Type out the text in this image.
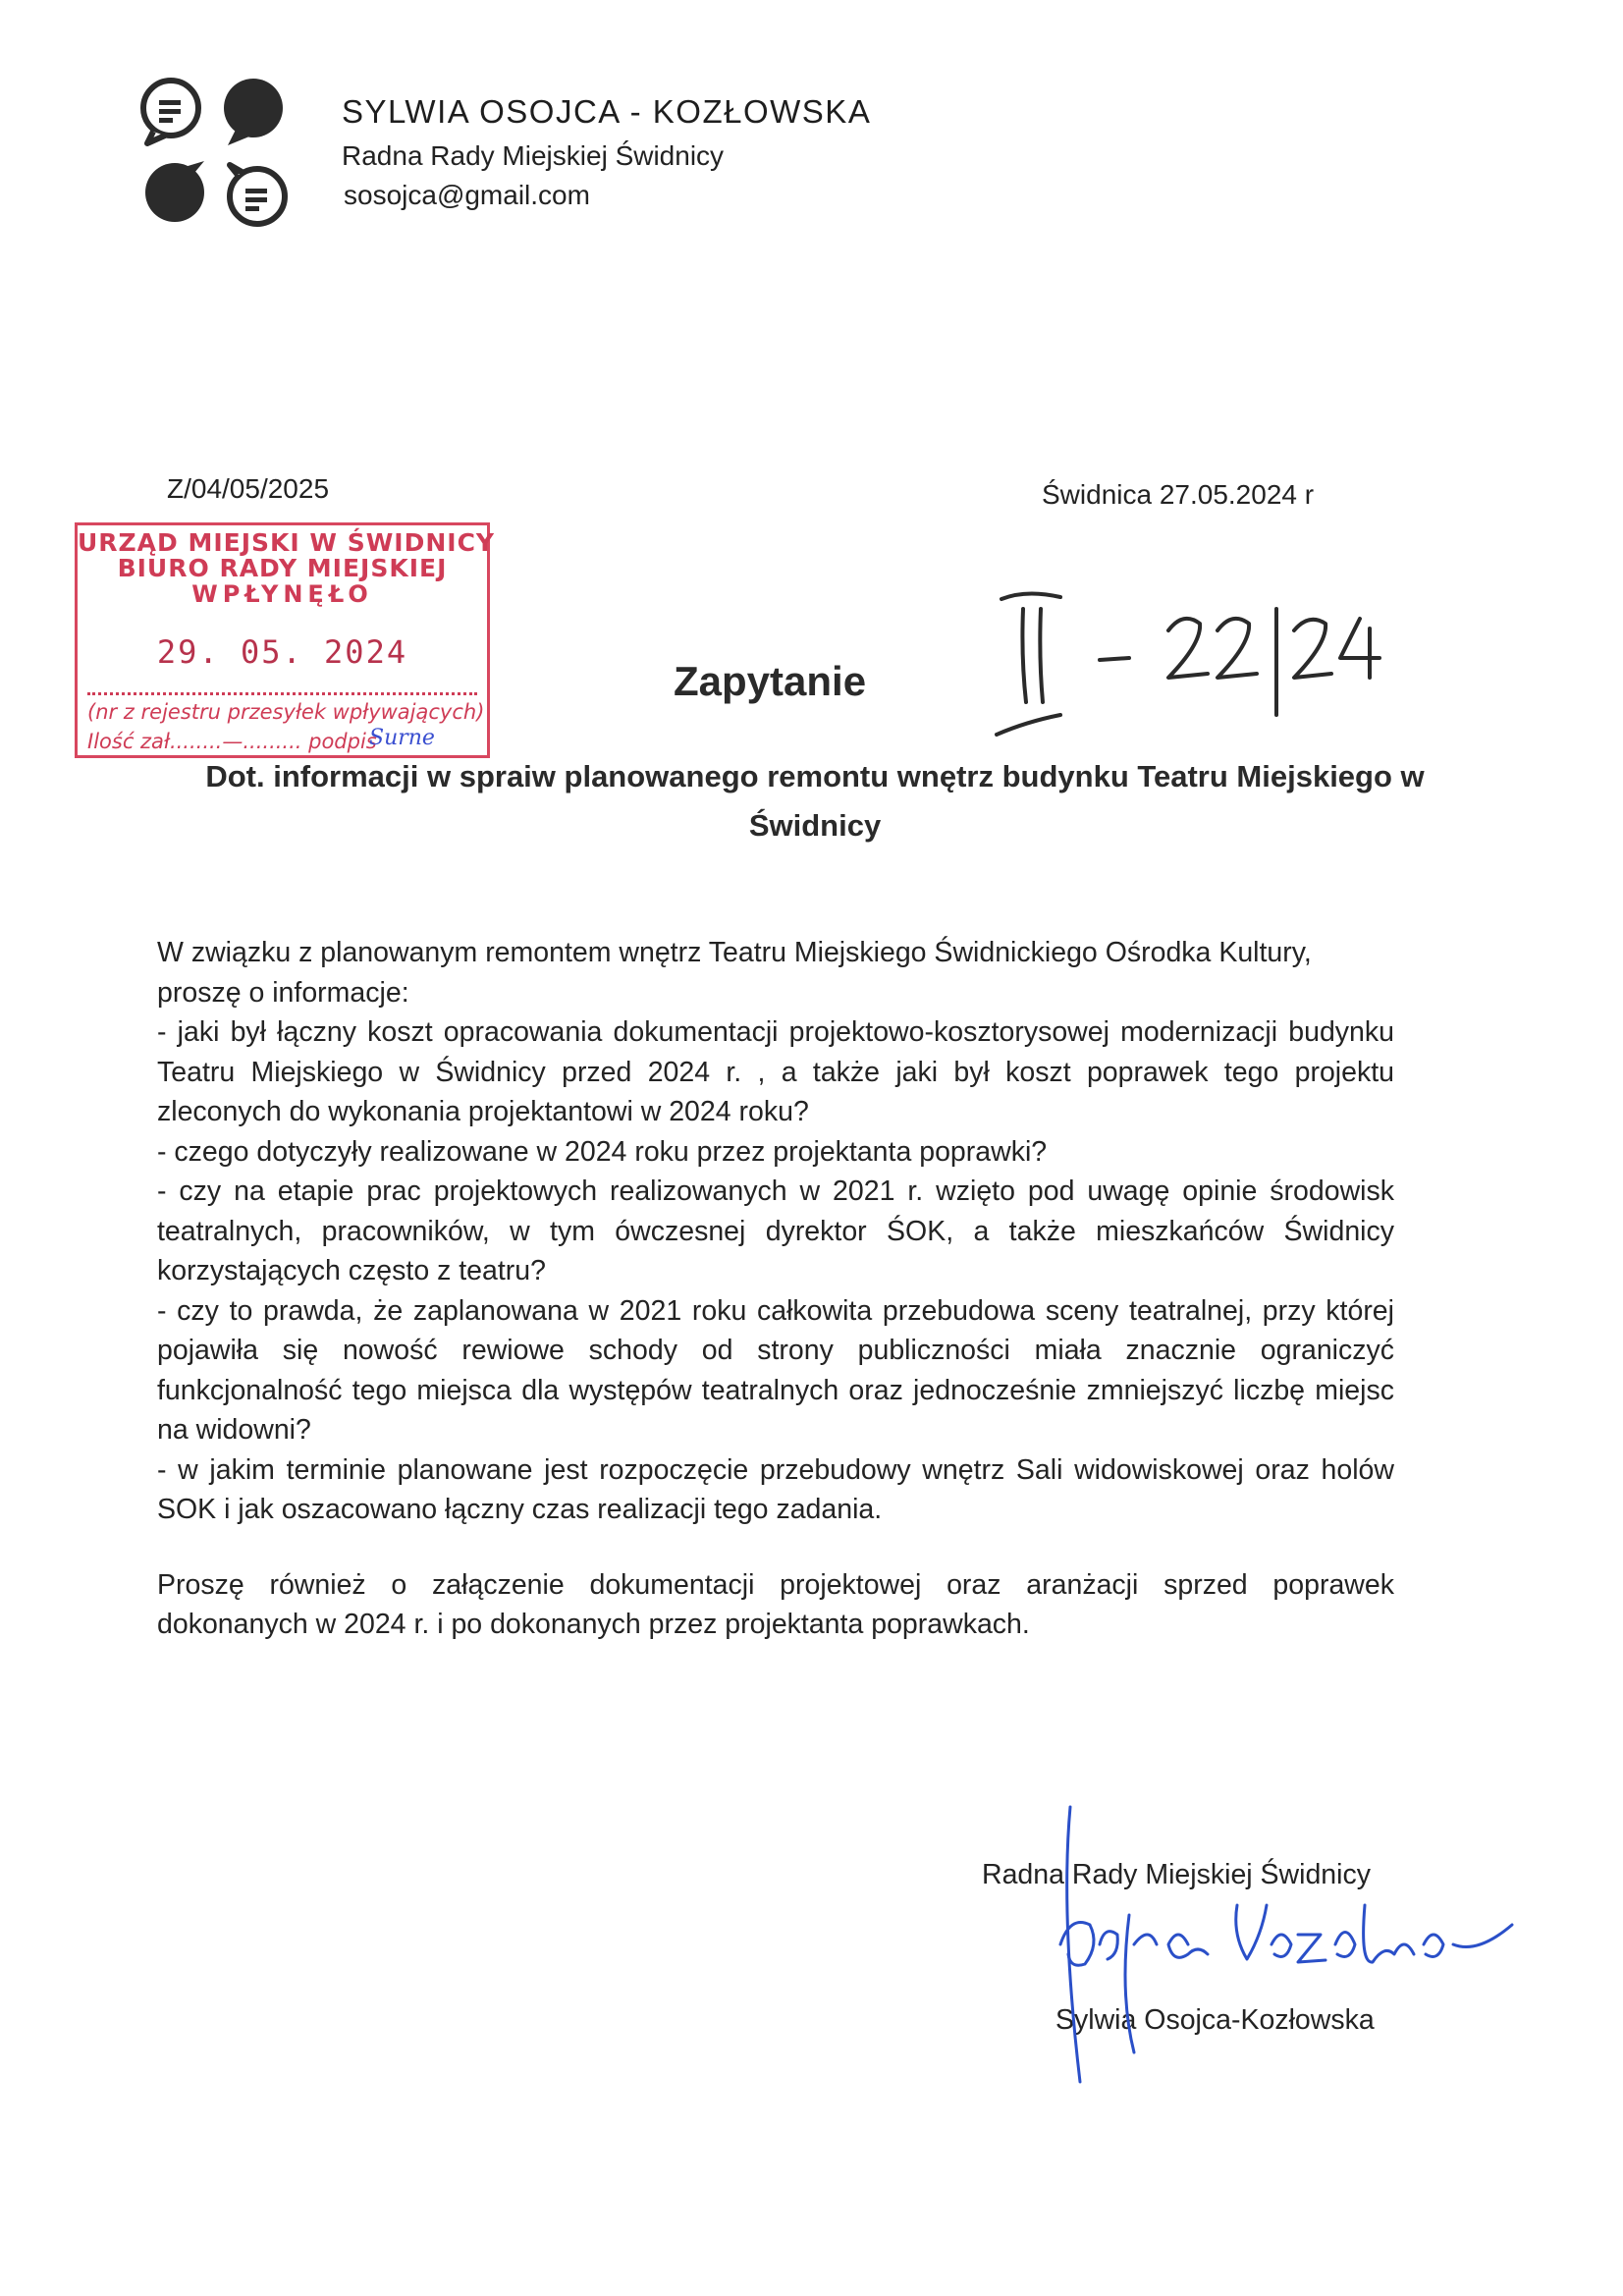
SYLWIA OSOJCA - KOZŁOWSKA
Radna Rady Miejskiej Świdnicy
sosojca@gmail.com
Z/04/05/2025	Świdnica 27.05.2024 r
URZĄD MIEJSKI W ŚWIDNICY
BIURO RADY MIEJSKIEJ
WPŁYNĘŁO
29. 05. 2024
(nr z rejestru przesyłek wpływających)
Ilość zał........—......... podpis
Surne
Zapytanie
Dot. informacji w spraiw planowanego remontu wnętrz budynku Teatru Miejskiego w Świdnicy

W związku z planowanym remontem wnętrz Teatru Miejskiego Świdnickiego Ośrodka Kultury, proszę o informacje:

- jaki był łączny koszt opracowania dokumentacji projektowo-kosztorysowej modernizacji budynku Teatru Miejskiego w Świdnicy przed 2024 r. , a także jaki był koszt poprawek tego projektu zleconych do wykonania projektantowi w 2024 roku?

- czego dotyczyły realizowane w 2024 roku przez projektanta poprawki?

- czy na etapie prac projektowych realizowanych w 2021 r. wzięto pod uwagę opinie środowisk teatralnych, pracowników, w tym ówczesnej dyrektor ŚOK, a także mieszkańców Świdnicy korzystających często z teatru?

- czy to prawda, że zaplanowana w 2021 roku całkowita przebudowa sceny teatralnej, przy której pojawiła się nowość rewiowe schody od strony publiczności miała znacznie ograniczyć funkcjonalność tego miejsca dla występów teatralnych oraz jednocześnie zmniejszyć liczbę miejsc na widowni?

- w jakim terminie planowane jest rozpoczęcie przebudowy wnętrz Sali widowiskowej oraz holów SOK i jak oszacowano łączny czas realizacji tego zadania.

Proszę również o załączenie dokumentacji projektowej oraz aranżacji sprzed poprawek dokonanych w 2024 r. i po dokonanych przez projektanta poprawkach.

Radna Rady Miejskiej Świdnicy
Sylwia Osojca-Kozłowska
